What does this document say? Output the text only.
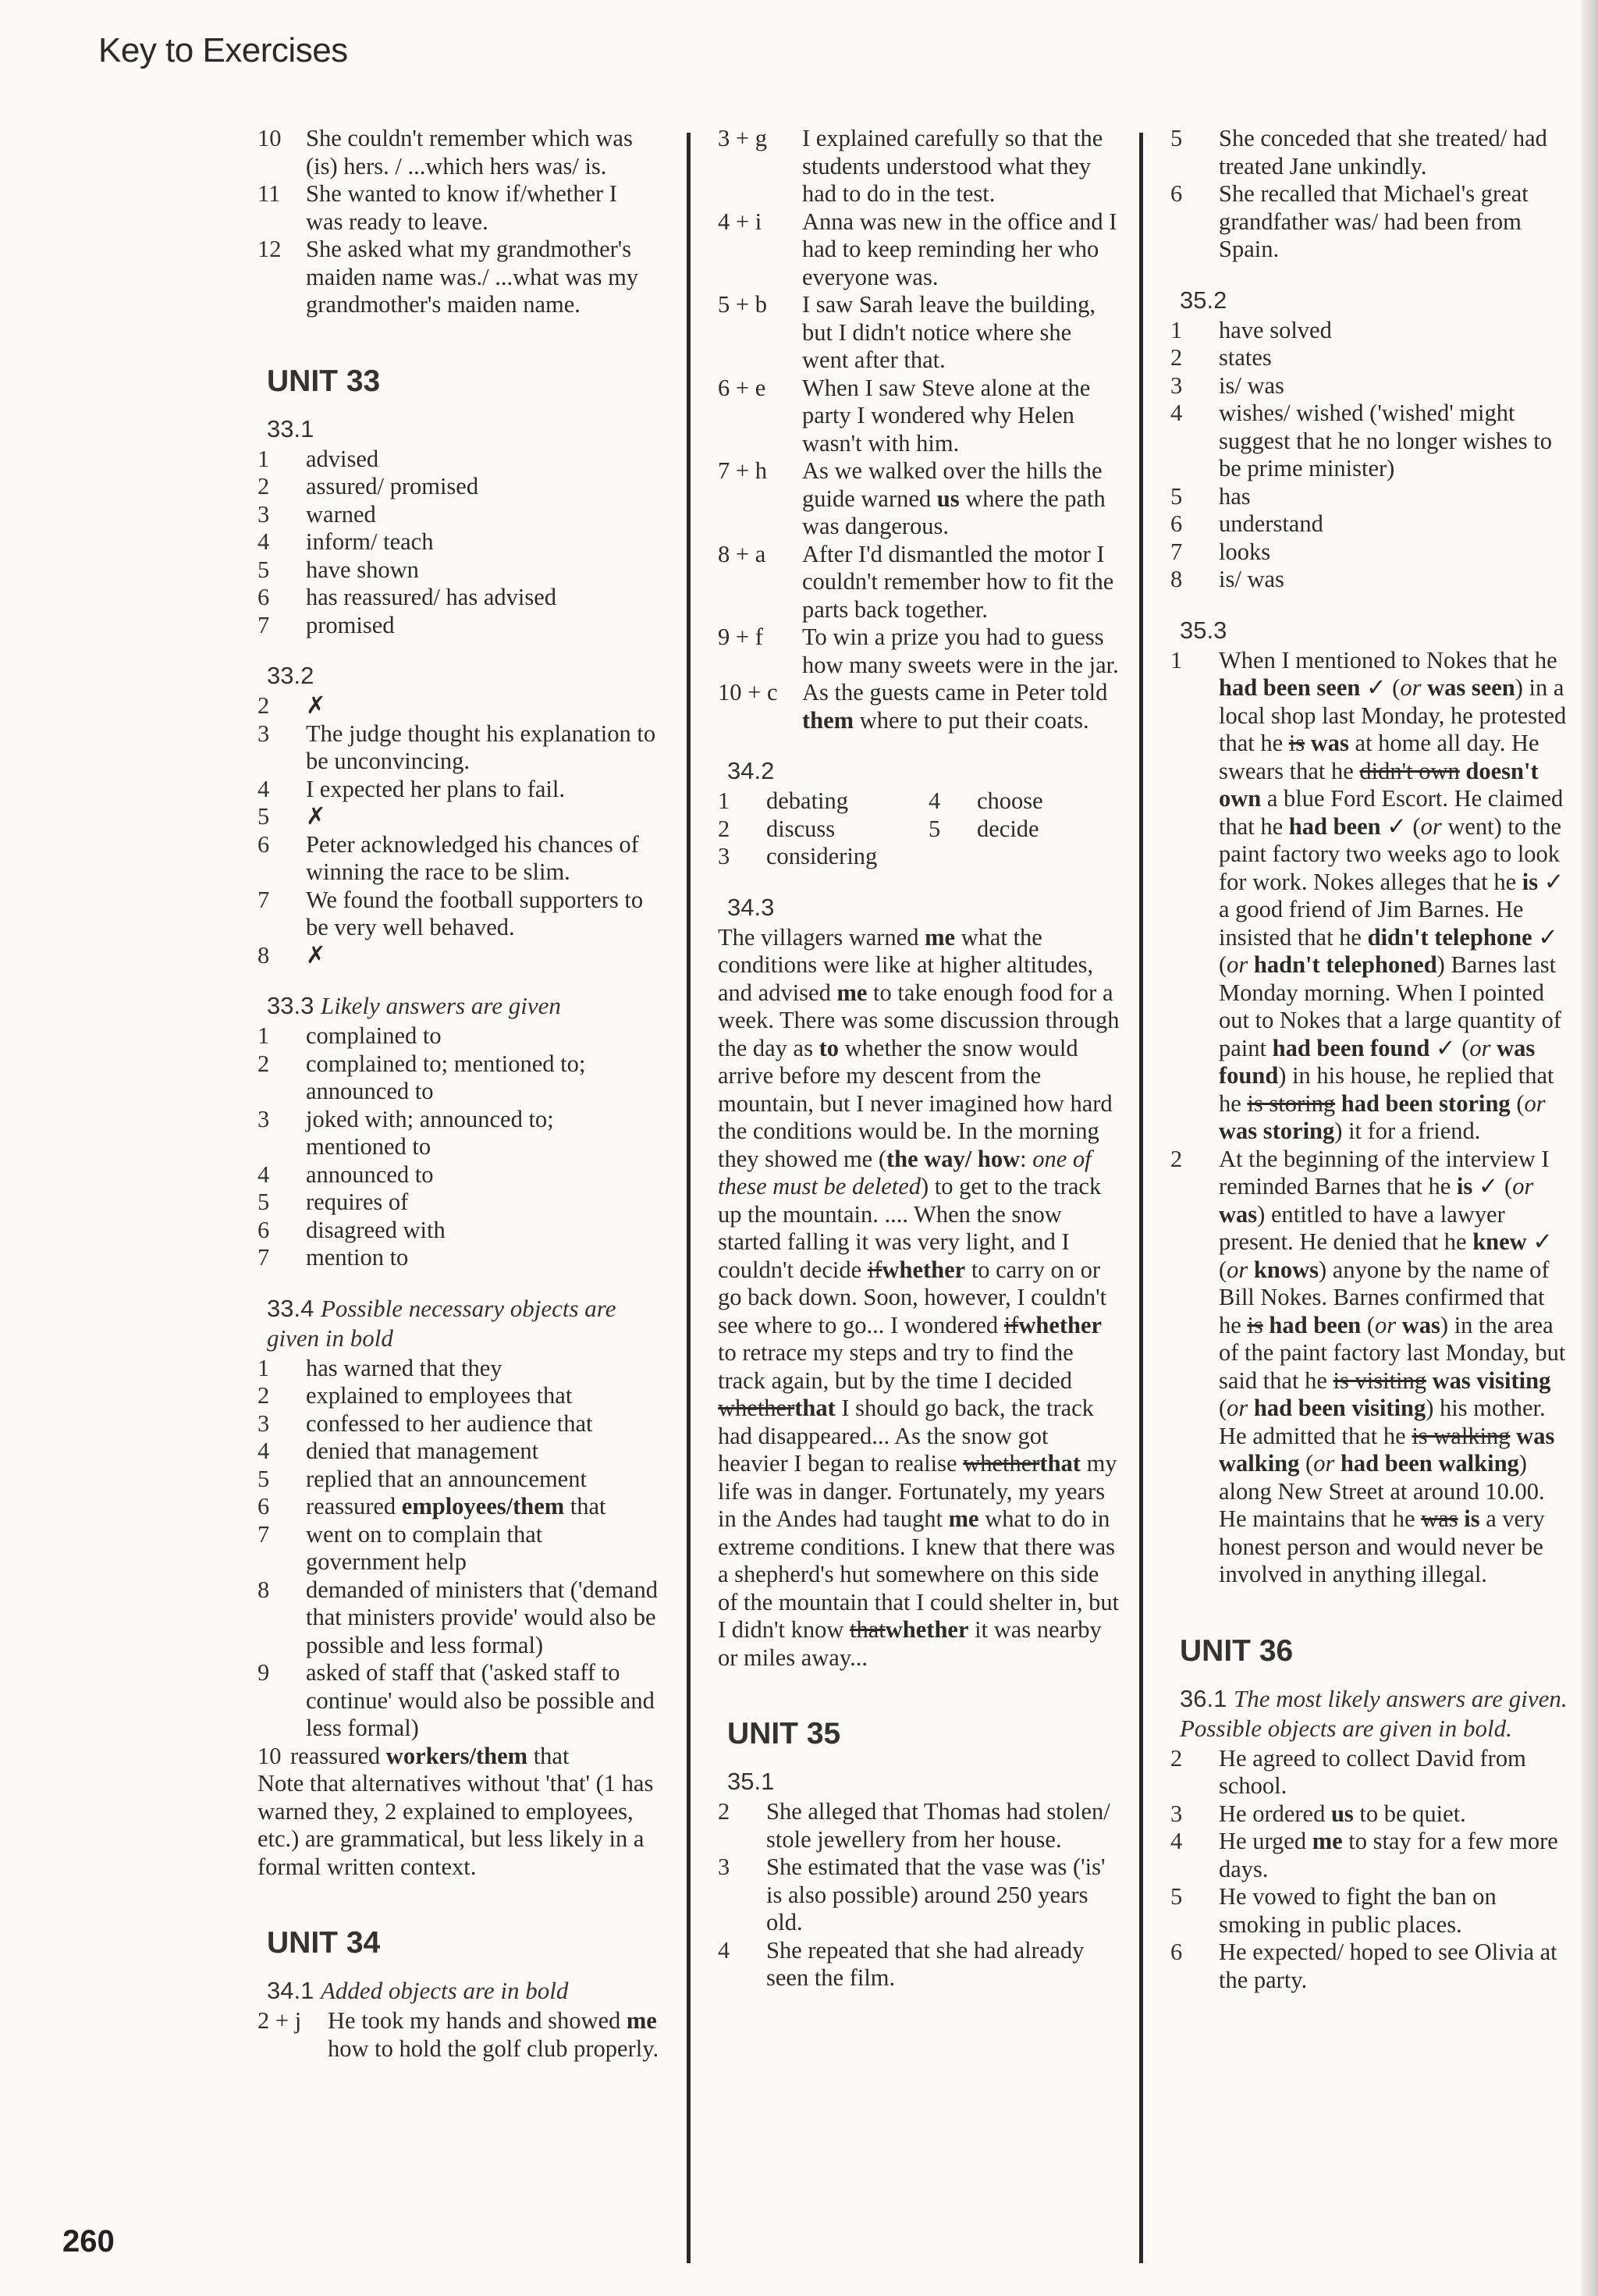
Key to Exercises
10	She couldn't remember which was (is) hers. / ...which hers was/ is.
11	She wanted to know if/whether I was ready to leave.
12	She asked what my grandmother's maiden name was./ ...what was my grandmother's maiden name.
UNIT 33
33.1
1	advised
2	assured/ promised
3	warned
4	inform/ teach
5	have shown
6	has reassured/ has advised
7	promised
33.2
2	✗
3	The judge thought his explanation to be unconvincing.
4	I expected her plans to fail.
5	✗
6	Peter acknowledged his chances of winning the race to be slim.
7	We found the football supporters to be very well behaved.
8	✗
33.3 Likely answers are given
1	complained to
2	complained to; mentioned to; announced to
3	joked with; announced to; mentioned to
4	announced to
5	requires of
6	disagreed with
7	mention to
33.4 Possible necessary objects are given in bold
1	has warned that they
2	explained to employees that
3	confessed to her audience that
4	denied that management
5	replied that an announcement
6	reassured employees/them that
7	went on to complain that government help
8	demanded of ministers that ('demand that ministers provide' would also be possible and less formal)
9	asked of staff that ('asked staff to continue' would also be possible and less formal)
10 reassured workers/them that
Note that alternatives without 'that' (1 has warned they, 2 explained to employees, etc.) are grammatical, but less likely in a formal written context.
UNIT 34
34.1 Added objects are in bold
2 + j	He took my hands and showed me how to hold the golf club properly.
3 + g	I explained carefully so that the students understood what they had to do in the test.
4 + i	Anna was new in the office and I had to keep reminding her who everyone was.
5 + b	I saw Sarah leave the building, but I didn't notice where she went after that.
6 + e	When I saw Steve alone at the party I wondered why Helen wasn't with him.
7 + h	As we walked over the hills the guide warned us where the path was dangerous.
8 + a	After I'd dismantled the motor I couldn't remember how to fit the parts back together.
9 + f	To win a prize you had to guess how many sweets were in the jar.
10 + c	As the guests came in Peter told them where to put their coats.
34.2
1	debating
2	discuss
3	considering
4	choose
5	decide
34.3
The villagers warned me what the conditions were like at higher altitudes, and advised me to take enough food for a week. There was some discussion through the day as to whether the snow would arrive before my descent from the mountain, but I never imagined how hard the conditions would be. In the morning they showed me (the way/ how: one of these must be deleted) to get to the track up the mountain. .... When the snow started falling it was very light, and I couldn't decide ifwhether to carry on or go back down. Soon, however, I couldn't see where to go... I wondered ifwhether to retrace my steps and try to find the track again, but by the time I decided whetherthat I should go back, the track had disappeared... As the snow got heavier I began to realise whetherthat my life was in danger. Fortunately, my years in the Andes had taught me what to do in extreme conditions. I knew that there was a shepherd's hut somewhere on this side of the mountain that I could shelter in, but I didn't know thatwhether it was nearby or miles away...
UNIT 35
35.1
2	She alleged that Thomas had stolen/ stole jewellery from her house.
3	She estimated that the vase was ('is' is also possible) around 250 years old.
4	She repeated that she had already seen the film.
5	She conceded that she treated/ had treated Jane unkindly.
6	She recalled that Michael's great grandfather was/ had been from Spain.
35.2
1	have solved
2	states
3	is/ was
4	wishes/ wished ('wished' might suggest that he no longer wishes to be prime minister)
5	has
6	understand
7	looks
8	is/ was
35.3
1	When I mentioned to Nokes that he had been seen ✓ (or was seen) in a local shop last Monday, he protested that he is was at home all day. He swears that he didn't own doesn't own a blue Ford Escort. He claimed that he had been ✓ (or went) to the paint factory two weeks ago to look for work. Nokes alleges that he is ✓ a good friend of Jim Barnes. He insisted that he didn't telephone ✓ (or hadn't telephoned) Barnes last Monday morning. When I pointed out to Nokes that a large quantity of paint had been found ✓ (or was found) in his house, he replied that he is storing had been storing (or was storing) it for a friend.
2	At the beginning of the interview I reminded Barnes that he is ✓ (or was) entitled to have a lawyer present. He denied that he knew ✓ (or knows) anyone by the name of Bill Nokes. Barnes confirmed that he is had been (or was) in the area of the paint factory last Monday, but said that he is visiting was visiting (or had been visiting) his mother. He admitted that he is walking was walking (or had been walking) along New Street at around 10.00. He maintains that he was is a very honest person and would never be involved in anything illegal.
UNIT 36
36.1 The most likely answers are given. Possible objects are given in bold.
2	He agreed to collect David from school.
3	He ordered us to be quiet.
4	He urged me to stay for a few more days.
5	He vowed to fight the ban on smoking in public places.
6	He expected/ hoped to see Olivia at the party.
260
